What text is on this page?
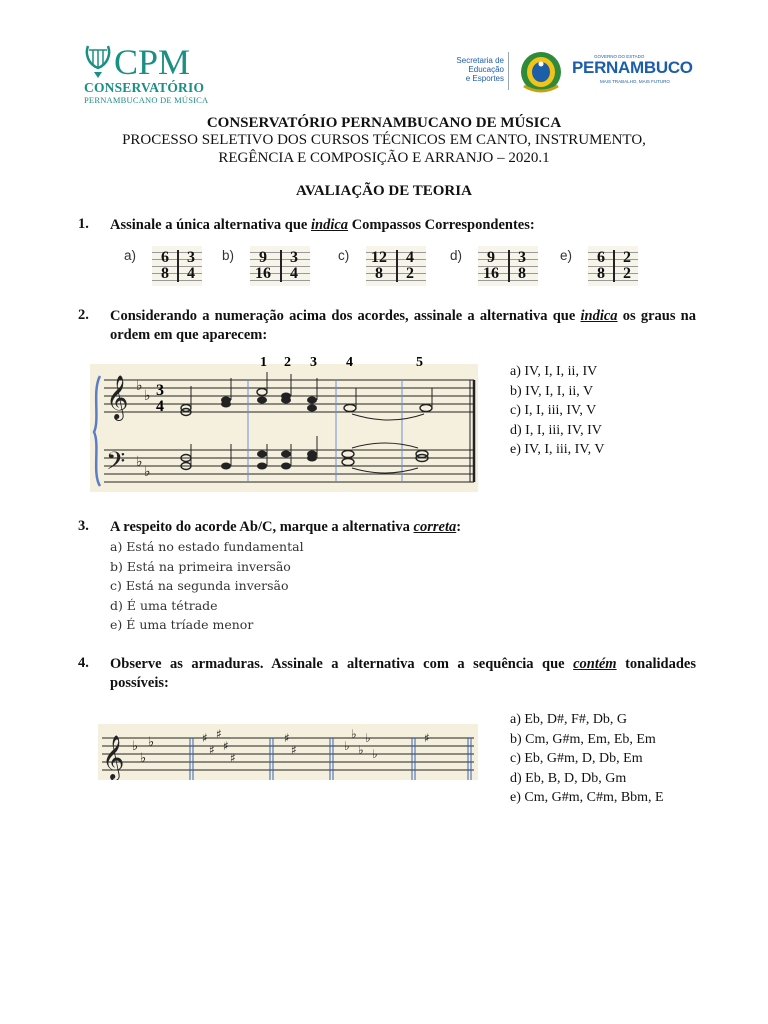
CPM
CONSERVATÓRIO
PERNAMBUCANO DE MÚSICA
Secretaria de
Educação
e Esportes
GOVERNO DO ESTADO
PERNAMBUCO
MAIS TRABALHO, MAIS FUTURO
CONSERVATÓRIO PERNAMBUCANO DE MÚSICA
PROCESSO SELETIVO DOS CURSOS TÉCNICOS EM CANTO, INSTRUMENTO,
REGÊNCIA E COMPOSIÇÃO E ARRANJO – 2020.1
AVALIAÇÃO DE TEORIA
1. Assinale a única alternativa que indica Compassos Correspondentes:
a)	6
8
3
4
b)	9
16
3
4
c) 12
8
4
2
d)	9
16
3
8
e)	6
8
2
2
2. Considerando a numeração acima dos acordes, assinale a alternativa que indica os graus na ordem em que aparecem:
1 2 3 4	5
𝄞
𝄢
♭
♭
♭
♭
3
4
a) IV, I, I, ii, IV
b) IV, I, I, ii, V
c) I, I, iii, IV, V
d) I, I, iii, IV, IV
e) IV, I, iii, IV, V
3. A respeito do acorde Ab/C, marque a alternativa correta:
a) Está no estado fundamental
b) Está na primeira inversão
c) Está na segunda inversão
d) É uma tétrade
e) É uma tríade menor
4. Observe as armaduras. Assinale a alternativa com a sequência que contém tonalidades possíveis:
𝄞 ♭
♭
♭	♯
♯
♯
♯
♯
♯
♯	♭
♭
♭
♭
♭
♯
a) Eb, D#, F#, Db, G
b) Cm, G#m, Em, Eb, Em
c) Eb, G#m, D, Db, Em
d) Eb, B, D, Db, Gm
e) Cm, G#m, C#m, Bbm, E
